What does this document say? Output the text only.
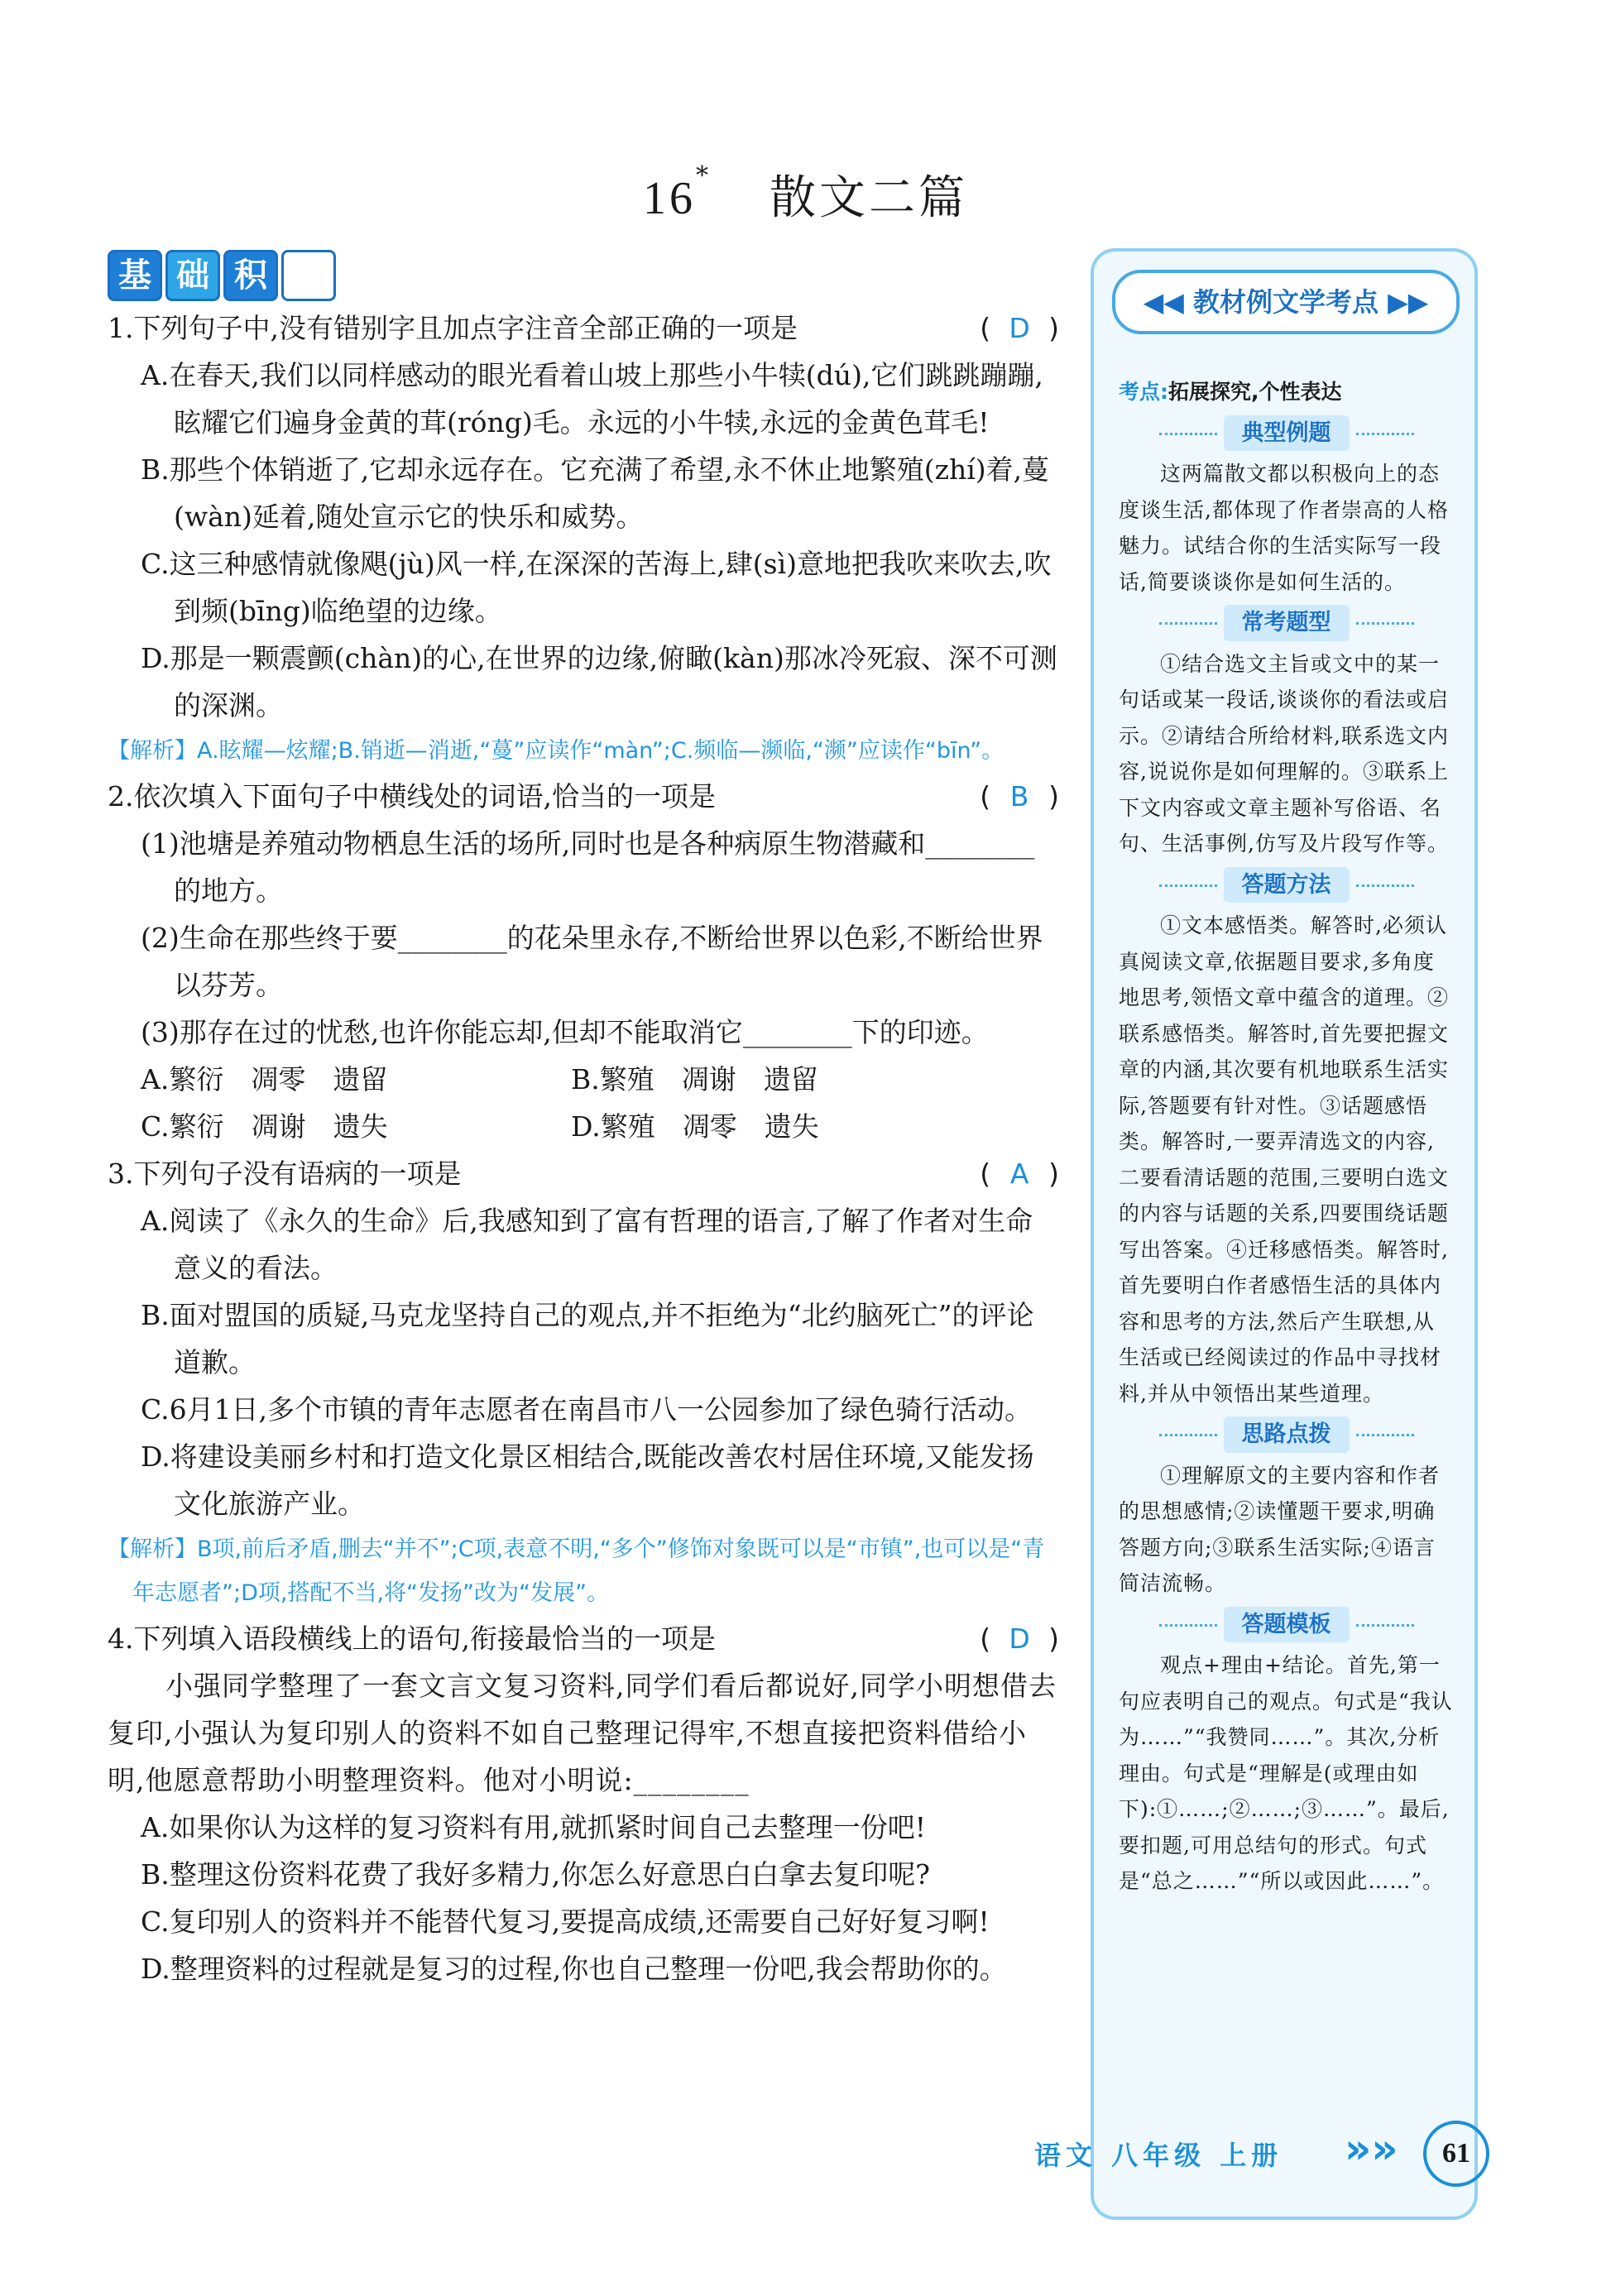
16* 散文二篇
基 础 积 累
1.下列句子中,没有错别字且加点字注音全部正确的一项是	( D )
A.在春天,我们以同样感动的眼光看着山坡上那些小牛犊(dú),它们跳跳蹦蹦,眩耀它们遍身金黄的茸(róng)毛。永远的小牛犊,永远的金黄色茸毛!
B.那些个体销逝了,它却永远存在。它充满了希望,永不休止地繁殖(zhí)着,蔓(wàn)延着,随处宣示它的快乐和威势。
C.这三种感情就像飓(jù)风一样,在深深的苦海上,肆(sì)意地把我吹来吹去,吹到频(bīng)临绝望的边缘。
D.那是一颗震颤(chàn)的心,在世界的边缘,俯瞰(kàn)那冰冷死寂、深不可测的深渊。
【解析】A.眩耀—炫耀;B.销逝—消逝,“蔓”应读作“màn”;C.频临—濒临,“濒”应读作“bīn”。
2.依次填入下面句子中横线处的词语,恰当的一项是	( B )
(1)池塘是养殖动物栖息生活的场所,同时也是各种病原生物潜藏和________的地方。
(2)生命在那些终于要________的花朵里永存,不断给世界以色彩,不断给世界以芬芳。
(3)那存在过的忧愁,也许你能忘却,但却不能取消它________下的印迹。
A.繁衍　凋零　遗留	B.繁殖　凋谢　遗留
C.繁衍　凋谢　遗失	D.繁殖　凋零　遗失
3.下列句子没有语病的一项是	( A )
A.阅读了《永久的生命》后,我感知到了富有哲理的语言,了解了作者对生命意义的看法。
B.面对盟国的质疑,马克龙坚持自己的观点,并不拒绝为“北约脑死亡”的评论道歉。
C.6月1日,多个市镇的青年志愿者在南昌市八一公园参加了绿色骑行活动。
D.将建设美丽乡村和打造文化景区相结合,既能改善农村居住环境,又能发扬文化旅游产业。
【解析】B项,前后矛盾,删去“并不”;C项,表意不明,“多个”修饰对象既可以是“市镇”,也可以是“青年志愿者”;D项,搭配不当,将“发扬”改为“发展”。
4.下列填入语段横线上的语句,衔接最恰当的一项是	( D )
小强同学整理了一套文言文复习资料,同学们看后都说好,同学小明想借去复印,小强认为复印别人的资料不如自己整理记得牢,不想直接把资料借给小明,他愿意帮助小明整理资料。他对小明说:________
A.如果你认为这样的复习资料有用,就抓紧时间自己去整理一份吧!
B.整理这份资料花费了我好多精力,你怎么好意思白白拿去复印呢?
C.复印别人的资料并不能替代复习,要提高成绩,还需要自己好好复习啊!
D.整理资料的过程就是复习的过程,你也自己整理一份吧,我会帮助你的。
◀◀ 教材例文学考点 ▶▶
考点:拓展探究,个性表达
典型例题
这两篇散文都以积极向上的态度谈生活,都体现了作者崇高的人格魅力。试结合你的生活实际写一段话,简要谈谈你是如何生活的。
常考题型
①结合选文主旨或文中的某一句话或某一段话,谈谈你的看法或启示。②请结合所给材料,联系选文内容,说说你是如何理解的。③联系上下文内容或文章主题补写俗语、名句、生活事例,仿写及片段写作等。
答题方法
①文本感悟类。解答时,必须认真阅读文章,依据题目要求,多角度地思考,领悟文章中蕴含的道理。②联系感悟类。解答时,首先要把握文章的内涵,其次要有机地联系生活实际,答题要有针对性。③话题感悟类。解答时,一要弄清选文的内容,二要看清话题的范围,三要明白选文的内容与话题的关系,四要围绕话题写出答案。④迁移感悟类。解答时,首先要明白作者感悟生活的具体内容和思考的方法,然后产生联想,从生活或已经阅读过的作品中寻找材料,并从中领悟出某些道理。
思路点拨
①理解原文的主要内容和作者的思想感情;②读懂题干要求,明确答题方向;③联系生活实际;④语言简洁流畅。
答题模板
观点+理由+结论。首先,第一句应表明自己的观点。句式是“我认为……”“我赞同……”。其次,分析理由。句式是“理解是(或理由如下):①……;②……;③……”。最后,要扣题,可用总结句的形式。句式是“总之……”“所以或因此……”。
语文 八年级 上册 »»	61
